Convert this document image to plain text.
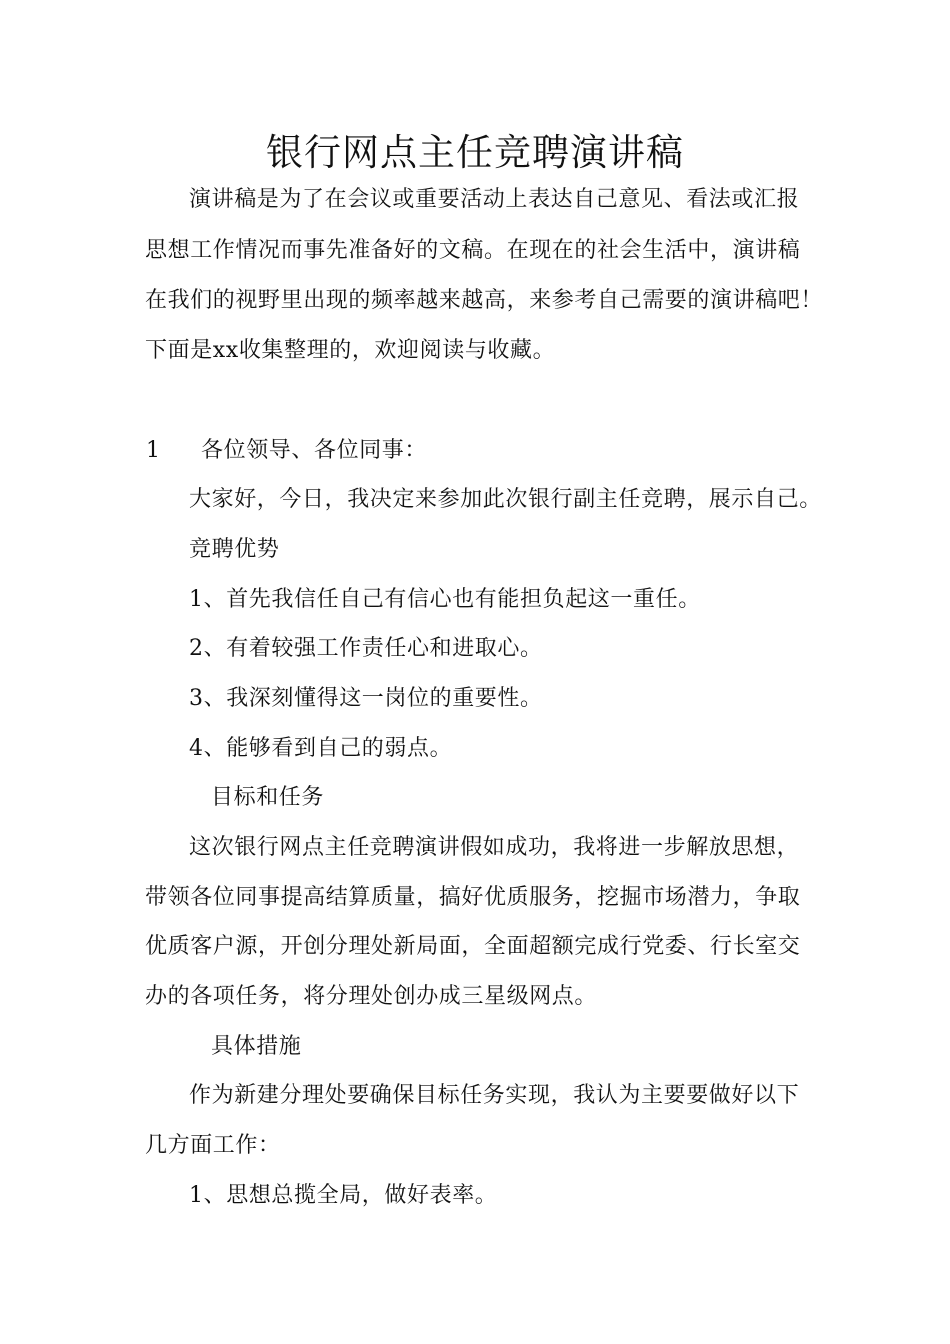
银行网点主任竞聘演讲稿
演讲稿是为了在会议或重要活动上表达自己意见、看法或汇报
思想工作情况而事先准备好的文稿。在现在的社会生活中，演讲稿
在我们的视野里出现的频率越来越高，来参考自己需要的演讲稿吧！
下面是xx收集整理的，欢迎阅读与收藏。
1 各位领导、各位同事：
大家好，今日，我决定来参加此次银行副主任竞聘，展示自己。
竞聘优势
1、首先我信任自己有信心也有能担负起这一重任。
2、有着较强工作责任心和进取心。
3、我深刻懂得这一岗位的重要性。
4、能够看到自己的弱点。
目标和任务
这次银行网点主任竞聘演讲假如成功，我将进一步解放思想，
带领各位同事提高结算质量，搞好优质服务，挖掘市场潜力，争取
优质客户源，开创分理处新局面，全面超额完成行党委、行长室交
办的各项任务，将分理处创办成三星级网点。
具体措施
作为新建分理处要确保目标任务实现，我认为主要要做好以下
几方面工作：
1、思想总揽全局，做好表率。
